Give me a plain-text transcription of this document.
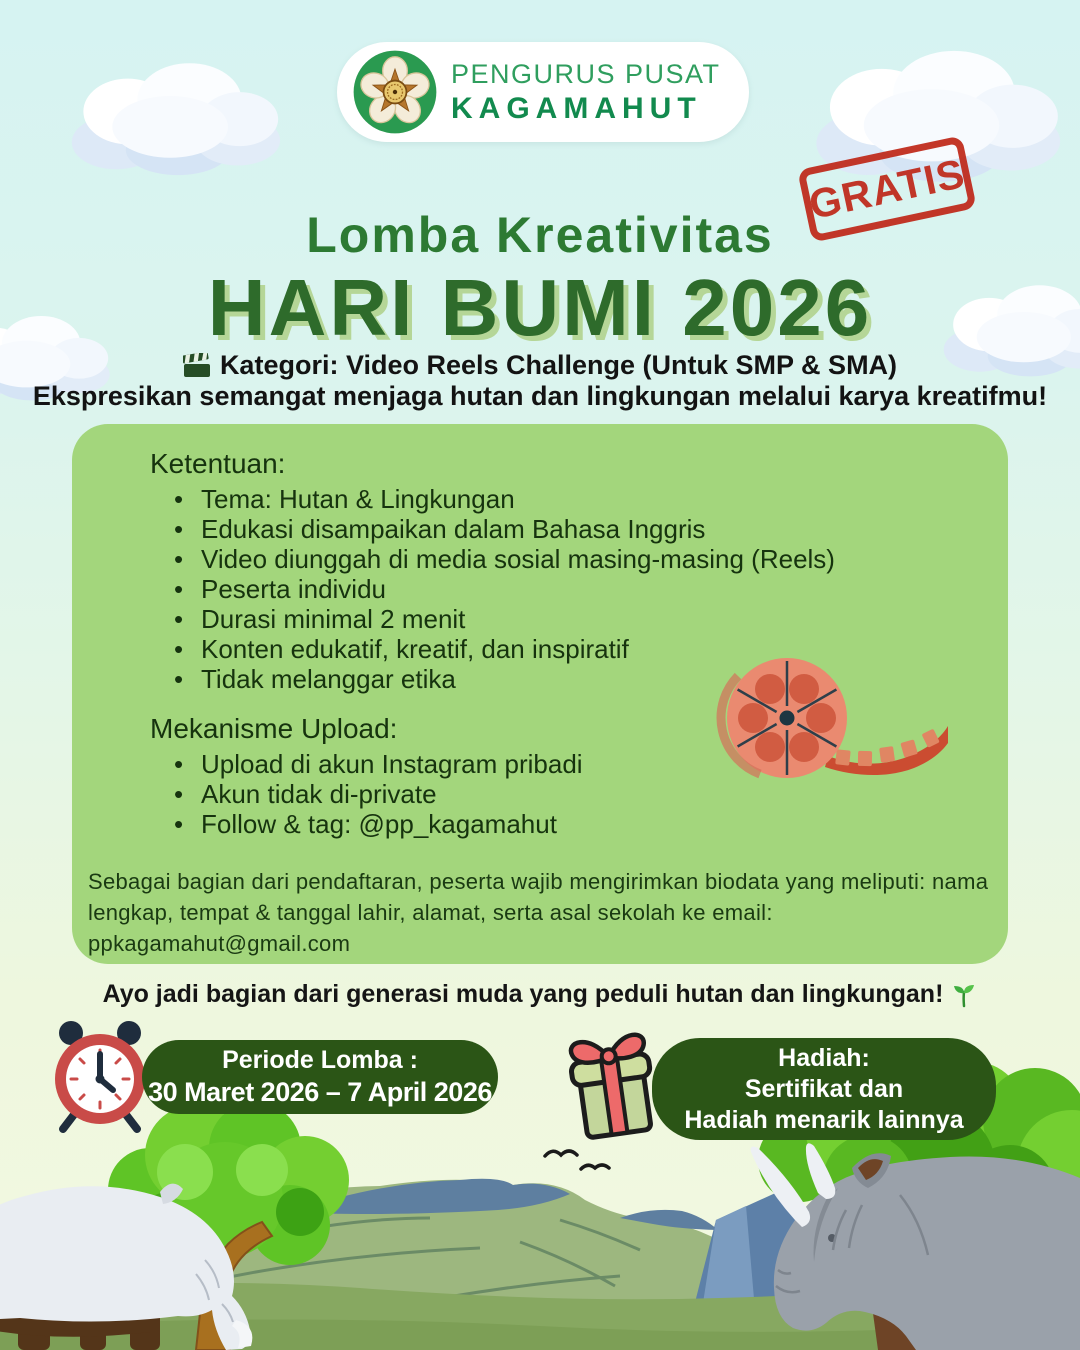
PENGURUS PUSAT
KAGAMAHUT
GRATIS
Lomba Kreativitas
HARI BUMI 2026
Kategori: Video Reels Challenge (Untuk SMP & SMA)
Ekspresikan semangat menjaga hutan dan lingkungan melalui karya kreatifmu!
Ketentuan:
• Tema: Hutan & Lingkungan
• Edukasi disampaikan dalam Bahasa Inggris
• Video diunggah di media sosial masing-masing (Reels)
• Peserta individu
• Durasi minimal 2 menit
• Konten edukatif, kreatif, dan inspiratif
• Tidak melanggar etika
Mekanisme Upload:
• Upload di akun Instagram pribadi
• Akun tidak di-private
• Follow & tag: @pp_kagamahut

Sebagai bagian dari pendaftaran, peserta wajib mengirimkan biodata yang meliputi: nama lengkap, tempat & tanggal lahir, alamat, serta asal sekolah ke email: ppkagamahut@gmail.com

Ayo jadi bagian dari generasi muda yang peduli hutan dan lingkungan!
Periode Lomba :
30 Maret 2026 – 7 April 2026
Hadiah:
Sertifikat dan
Hadiah menarik lainnya
